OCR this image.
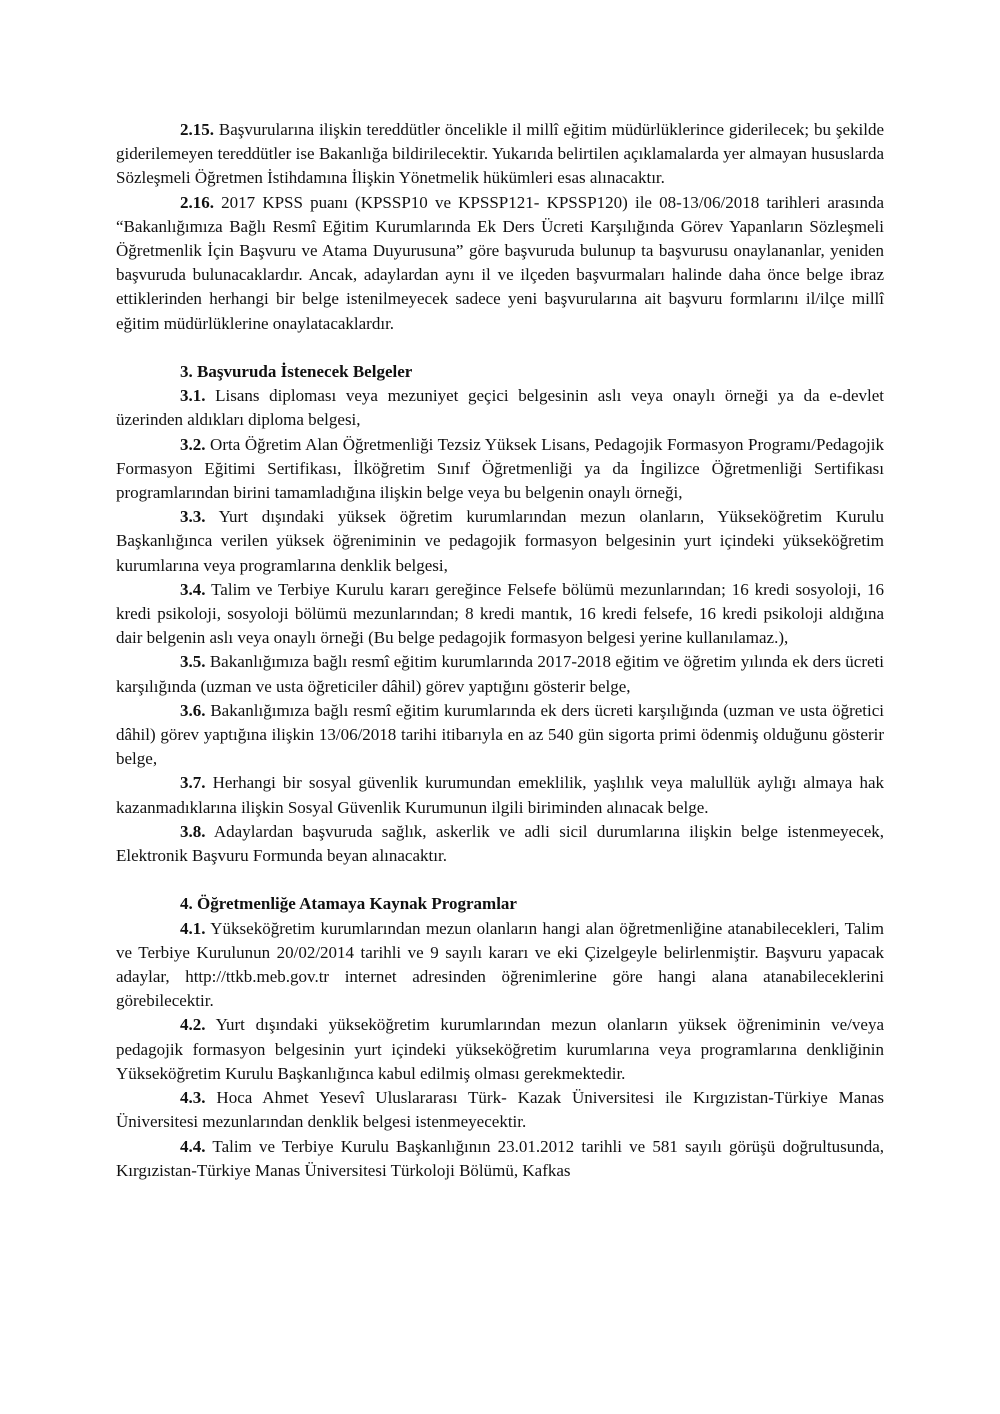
2.15. Başvurularına ilişkin tereddütler öncelikle il millî eğitim müdürlüklerince giderilecek; bu şekilde giderilemeyen tereddütler ise Bakanlığa bildirilecektir. Yukarıda belirtilen açıklamalarda yer almayan hususlarda Sözleşmeli Öğretmen İstihdamına İlişkin Yönetmelik hükümleri esas alınacaktır.

2.16. 2017 KPSS puanı (KPSSP10 ve KPSSP121- KPSSP120) ile 08-13/06/2018 tarihleri arasında “Bakanlığımıza Bağlı Resmî Eğitim Kurumlarında Ek Ders Ücreti Karşılığında Görev Yapanların Sözleşmeli Öğretmenlik İçin Başvuru ve Atama Duyurusuna” göre başvuruda bulunup ta başvurusu onaylananlar, yeniden başvuruda bulunacaklardır. Ancak, adaylardan aynı il ve ilçeden başvurmaları halinde daha önce belge ibraz ettiklerinden herhangi bir belge istenilmeyecek sadece yeni başvurularına ait başvuru formlarını il/ilçe millî eğitim müdürlüklerine onaylatacaklardır.

3. Başvuruda İstenecek Belgeler

3.1. Lisans diploması veya mezuniyet geçici belgesinin aslı veya onaylı örneği ya da e-devlet üzerinden aldıkları diploma belgesi,

3.2. Orta Öğretim Alan Öğretmenliği Tezsiz Yüksek Lisans, Pedagojik Formasyon Programı/Pedagojik Formasyon Eğitimi Sertifikası, İlköğretim Sınıf Öğretmenliği ya da İngilizce Öğretmenliği Sertifikası programlarından birini tamamladığına ilişkin belge veya bu belgenin onaylı örneği,

3.3. Yurt dışındaki yüksek öğretim kurumlarından mezun olanların, Yükseköğretim Kurulu Başkanlığınca verilen yüksek öğreniminin ve pedagojik formasyon belgesinin yurt içindeki yükseköğretim kurumlarına veya programlarına denklik belgesi,

3.4. Talim ve Terbiye Kurulu kararı gereğince Felsefe bölümü mezunlarından; 16 kredi sosyoloji, 16 kredi psikoloji, sosyoloji bölümü mezunlarından; 8 kredi mantık, 16 kredi felsefe, 16 kredi psikoloji aldığına dair belgenin aslı veya onaylı örneği (Bu belge pedagojik formasyon belgesi yerine kullanılamaz.),

3.5. Bakanlığımıza bağlı resmî eğitim kurumlarında 2017-2018 eğitim ve öğretim yılında ek ders ücreti karşılığında (uzman ve usta öğreticiler dâhil) görev yaptığını gösterir belge,

3.6. Bakanlığımıza bağlı resmî eğitim kurumlarında ek ders ücreti karşılığında (uzman ve usta öğretici dâhil) görev yaptığına ilişkin 13/06/2018 tarihi itibarıyla en az 540 gün sigorta primi ödenmiş olduğunu gösterir belge,

3.7. Herhangi bir sosyal güvenlik kurumundan emeklilik, yaşlılık veya malullük aylığı almaya hak kazanmadıklarına ilişkin Sosyal Güvenlik Kurumunun ilgili biriminden alınacak belge.

3.8. Adaylardan başvuruda sağlık, askerlik ve adli sicil durumlarına ilişkin belge istenmeyecek, Elektronik Başvuru Formunda beyan alınacaktır.

4. Öğretmenliğe Atamaya Kaynak Programlar

4.1. Yükseköğretim kurumlarından mezun olanların hangi alan öğretmenliğine atanabilecekleri, Talim ve Terbiye Kurulunun 20/02/2014 tarihli ve 9 sayılı kararı ve eki Çizelgeyle belirlenmiştir. Başvuru yapacak adaylar, http://ttkb.meb.gov.tr internet adresinden öğrenimlerine göre hangi alana atanabileceklerini görebilecektir.

4.2. Yurt dışındaki yükseköğretim kurumlarından mezun olanların yüksek öğreniminin ve/veya pedagojik formasyon belgesinin yurt içindeki yükseköğretim kurumlarına veya programlarına denkliğinin Yükseköğretim Kurulu Başkanlığınca kabul edilmiş olması gerekmektedir.

4.3. Hoca Ahmet Yesevî Uluslararası Türk- Kazak Üniversitesi ile Kırgızistan-Türkiye Manas Üniversitesi mezunlarından denklik belgesi istenmeyecektir.

4.4. Talim ve Terbiye Kurulu Başkanlığının 23.01.2012 tarihli ve 581 sayılı görüşü doğrultusunda, Kırgızistan-Türkiye Manas Üniversitesi Türkoloji Bölümü, Kafkas
